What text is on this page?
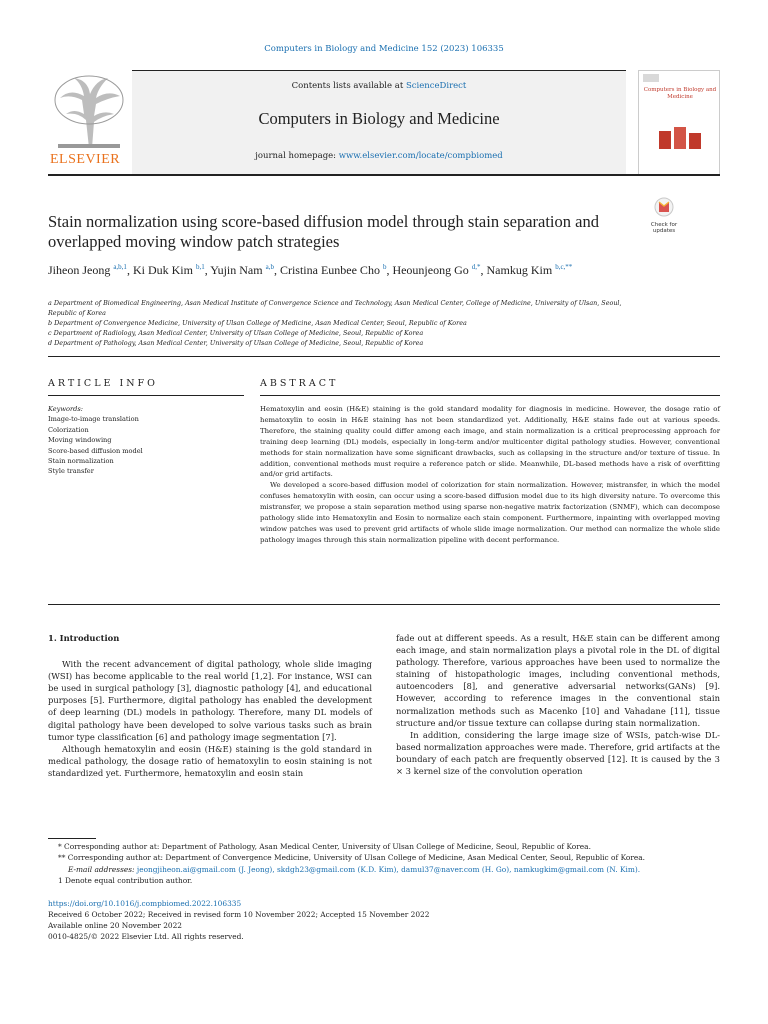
Computers in Biology and Medicine 152 (2023) 106335
ELSEVIER
Contents lists available at ScienceDirect
Computers in Biology and Medicine
journal homepage: www.elsevier.com/locate/compbiomed
Computers in Biology and Medicine
Stain normalization using score-based diffusion model through stain separation and overlapped moving window patch strategies
Check for updates
Jiheon Jeong $^{a,b,1}$, Ki Duk Kim $^{b,1}$, Yujin Nam $^{a,b}$, Cristina Eunbee Cho $^b$, Heounjeong Go $^{d,*}$, Namkug Kim $^{b,c,**}$
a Department of Biomedical Engineering, Asan Medical Institute of Convergence Science and Technology, Asan Medical Center, College of Medicine, University of Ulsan, Seoul, Republic of Korea
b Department of Convergence Medicine, University of Ulsan College of Medicine, Asan Medical Center, Seoul, Republic of Korea
c Department of Radiology, Asan Medical Center, University of Ulsan College of Medicine, Seoul, Republic of Korea
d Department of Pathology, Asan Medical Center, University of Ulsan College of Medicine, Seoul, Republic of Korea
ARTICLE INFO	ABSTRACT
Keywords:
Image-to-image translation
Colorization
Moving windowing
Score-based diffusion model
Stain normalization
Style transfer

Hematoxylin and eosin (H&E) staining is the gold standard modality for diagnosis in medicine. However, the dosage ratio of hematoxylin to eosin in H&E staining has not been standardized yet. Additionally, H&E stains fade out at various speeds. Therefore, the staining quality could differ among each image, and stain normalization is a critical preprocessing approach for training deep learning (DL) models, especially in long-term and/or multicenter digital pathology studies. However, conventional methods for stain normalization have some significant drawbacks, such as collapsing in the structure and/or texture of tissue. In addition, conventional methods must require a reference patch or slide. Meanwhile, DL-based methods have a risk of overfitting and/or grid artifacts.

We developed a score-based diffusion model of colorization for stain normalization. However, mistransfer, in which the model confuses hematoxylin with eosin, can occur using a score-based diffusion model due to its high diversity nature. To overcome this mistransfer, we propose a stain separation method using sparse non-negative matrix factorization (SNMF), which can decompose pathology slide into Hematoxylin and Eosin to normalize each stain component. Furthermore, inpainting with overlapped moving window patches was used to prevent grid artifacts of whole slide image normalization. Our method can normalize the whole slide pathology images through this stain normalization pipeline with decent performance.

1. Introduction

With the recent advancement of digital pathology, whole slide imaging (WSI) has become applicable to the real world [1,2]. For instance, WSI can be used in surgical pathology [3], diagnostic pathology [4], and educational purposes [5]. Furthermore, digital pathology has enabled the development of deep learning (DL) models in pathology. Therefore, many DL models of digital pathology have been developed to solve various tasks such as brain tumor type classification [6] and pathology image segmentation [7].

Although hematoxylin and eosin (H&E) staining is the gold standard in medical pathology, the dosage ratio of hematoxylin to eosin staining is not standardized yet. Furthermore, hematoxylin and eosin stain

fade out at different speeds. As a result, H&E stain can be different among each image, and stain normalization plays a pivotal role in the DL of digital pathology. Therefore, various approaches have been used to normalize the staining of histopathologic images, including conventional methods, autoencoders [8], and generative adversarial networks(GANs) [9]. However, according to reference images in the conventional stain normalization methods such as Macenko [10] and Vahadane [11], tissue structure and/or tissue texture can collapse during stain normalization.

In addition, considering the large image size of WSIs, patch-wise DL-based normalization approaches were made. Therefore, grid artifacts at the boundary of each patch are frequently observed [12]. It is caused by the 3 × 3 kernel size of the convolution operation

* Corresponding author at: Department of Pathology, Asan Medical Center, University of Ulsan College of Medicine, Seoul, Republic of Korea.
** Corresponding author at: Department of Convergence Medicine, University of Ulsan College of Medicine, Asan Medical Center, Seoul, Republic of Korea.
E-mail addresses: jeongjiheon.ai@gmail.com (J. Jeong), skdgh23@gmail.com (K.D. Kim), damul37@naver.com (H. Go), namkugkim@gmail.com (N. Kim).
1 Denote equal contribution author.
https://doi.org/10.1016/j.compbiomed.2022.106335
Received 6 October 2022; Received in revised form 10 November 2022; Accepted 15 November 2022
Available online 20 November 2022
0010-4825/© 2022 Elsevier Ltd. All rights reserved.
